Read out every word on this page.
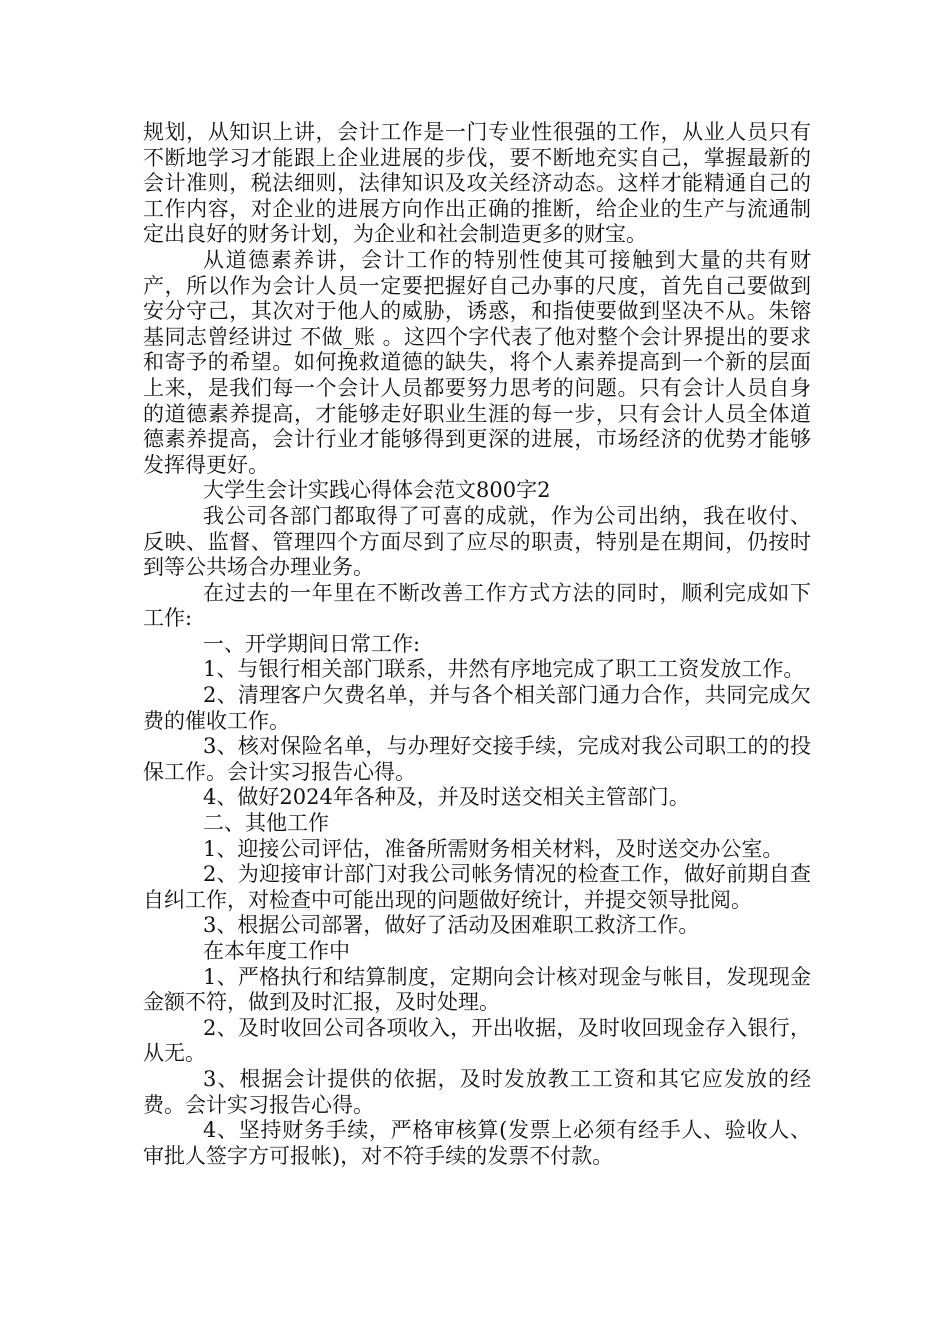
规划，从知识上讲，会计工作是一门专业性很强的工作，从业人员只有不断地学习才能跟上企业进展的步伐，要不断地充实自己，掌握最新的会计准则，税法细则，法律知识及攻关经济动态。这样才能精通自己的工作内容，对企业的进展方向作出正确的推断，给企业的生产与流通制定出良好的财务计划，为企业和社会制造更多的财宝。

从道德素养讲，会计工作的特别性使其可接触到大量的共有财产，所以作为会计人员一定要把握好自己办事的尺度，首先自己要做到安分守己，其次对于他人的威胁，诱惑，和指使要做到坚决不从。朱镕基同志曾经讲过 不做_账 。这四个字代表了他对整个会计界提出的要求和寄予的希望。如何挽救道德的缺失，将个人素养提高到一个新的层面上来，是我们每一个会计人员都要努力思考的问题。只有会计人员自身的道德素养提高，才能够走好职业生涯的每一步，只有会计人员全体道德素养提高，会计行业才能够得到更深的进展，市场经济的优势才能够发挥得更好。

大学生会计实践心得体会范文800字2

我公司各部门都取得了可喜的成就，作为公司出纳，我在收付、反映、监督、管理四个方面尽到了应尽的职责，特别是在期间，仍按时到等公共场合办理业务。

在过去的一年里在不断改善工作方式方法的同时，顺利完成如下工作:

一、开学期间日常工作:

1、与银行相关部门联系，井然有序地完成了职工工资发放工作。

2、清理客户欠费名单，并与各个相关部门通力合作，共同完成欠费的催收工作。

3、核对保险名单，与办理好交接手续，完成对我公司职工的的投保工作。会计实习报告心得。

4、做好2024年各种及，并及时送交相关主管部门。

二、其他工作

1、迎接公司评估，准备所需财务相关材料，及时送交办公室。

2、为迎接审计部门对我公司帐务情况的检查工作，做好前期自查自纠工作，对检查中可能出现的问题做好统计，并提交领导批阅。

3、根据公司部署，做好了活动及困难职工救济工作。

在本年度工作中

1、严格执行和结算制度，定期向会计核对现金与帐目，发现现金金额不符，做到及时汇报，及时处理。

2、及时收回公司各项收入，开出收据，及时收回现金存入银行，从无。

3、根据会计提供的依据，及时发放教工工资和其它应发放的经费。会计实习报告心得。

4、坚持财务手续，严格审核算(发票上必须有经手人、验收人、审批人签字方可报帐)，对不符手续的发票不付款。
